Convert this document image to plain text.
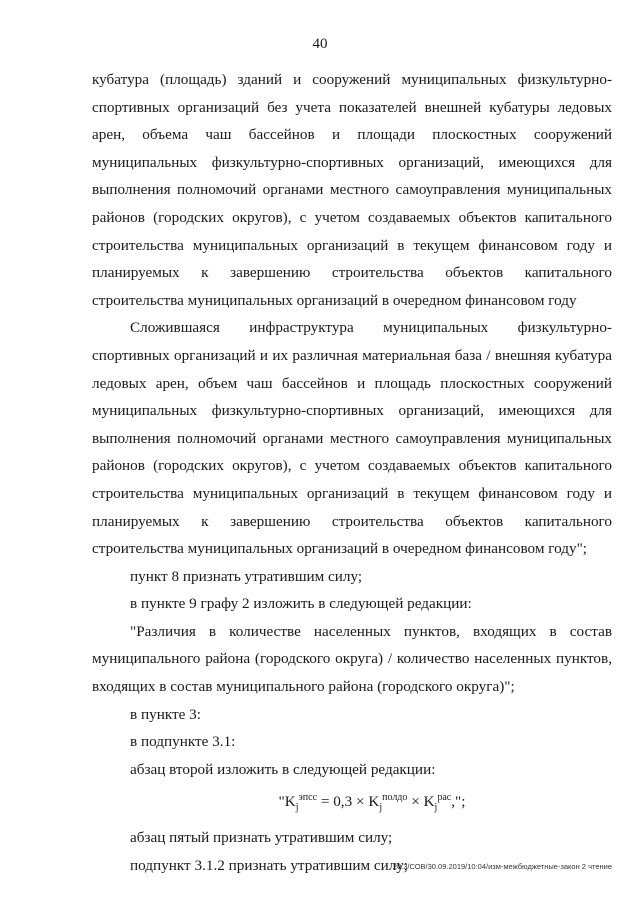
40

кубатура (площадь) зданий и сооружений муниципальных физкультурно-спортивных организаций без учета показателей внешней кубатуры ледовых арен, объема чаш бассейнов и площади плоскостных сооружений муниципальных физкультурно-спортивных организаций, имеющихся для выполнения полномочий органами местного самоуправления муниципальных районов (городских округов), с учетом создаваемых объектов капитального строительства муниципальных организаций в текущем финансовом году и планируемых к завершению строительства объектов капитального строительства муниципальных организаций в очередном финансовом году

Сложившаяся инфраструктура муниципальных физкультурно-спортивных организаций и их различная материальная база / внешняя кубатура ледовых арен, объем чаш бассейнов и площадь плоскостных сооружений муниципальных физкультурно-спортивных организаций, имеющихся для выполнения полномочий органами местного самоуправления муниципальных районов (городских округов), с учетом создаваемых объектов капитального строительства муниципальных организаций в текущем финансовом году и планируемых к завершению строительства объектов капитального строительства муниципальных организаций в очередном финансовом году";

пункт 8 признать утратившим силу;

в пункте 9 графу 2 изложить в следующей редакции:

"Различия в количестве населенных пунктов, входящих в состав муниципального района (городского округа) / количество населенных пунктов, входящих в состав муниципального района (городского округа)";

в пункте 3:

в подпункте 3.1:

абзац второй изложить в следующей редакции:

"$K_j^{эпсс} = 0,3 \times K_j^{полдо} \times K_j^{рас}$,";

абзац пятый признать утратившим силу;

подпункт 3.1.2 признать утратившим силу;

20.3/СОВ/30.09.2019/10:04/изм-межбюджетные-закон 2 чтение
